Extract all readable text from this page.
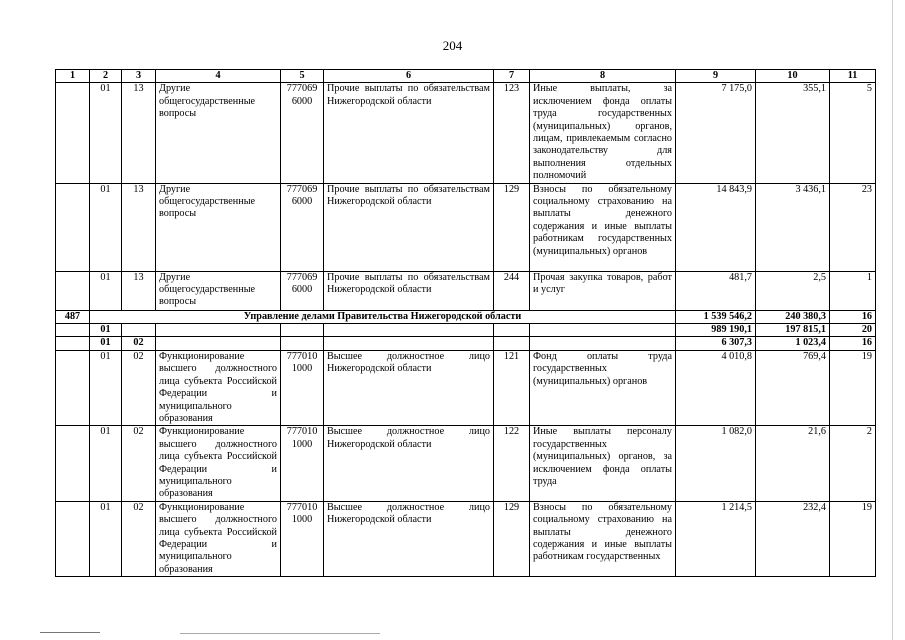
204
1	2	3	4	5	6	7	8	9	10	11
	01	13	Другие общегосударственные вопросы	777069 6000	Прочие выплаты по обязательствам Нижегородской области	123	Иные выплаты, за исключением фонда оплаты труда государственных (муниципальных) органов, лицам, привлекаемым согласно законодательству для выполнения отдельных полномочий	7 175,0	355,1	5
	01	13	Другие общегосударственные вопросы	777069 6000	Прочие выплаты по обязательствам Нижегородской области	129	Взносы по обязательному социальному страхованию на выплаты денежного содержания и иные выплаты работникам государственных (муниципальных) органов	14 843,9	3 436,1	23
	01	13	Другие общегосударственные вопросы	777069 6000	Прочие выплаты по обязательствам Нижегородской области	244	Прочая закупка товаров, работ и услуг	481,7	2,5	1
487	Управление делами Правительства Нижегородской области							1 539 546,2	240 380,3	16
	01							989 190,1	197 815,1	20
	01	02						6 307,3	1 023,4	16
	01	02	Функционирование высшего должностного лица субъекта Российской Федерации и муниципального образования	777010 1000	Высшее должностное лицо Нижегородской области	121	Фонд оплаты труда государственных (муниципальных) органов	4 010,8	769,4	19
	01	02	Функционирование высшего должностного лица субъекта Российской Федерации и муниципального образования	777010 1000	Высшее должностное лицо Нижегородской области	122	Иные выплаты персоналу государственных (муниципальных) органов, за исключением фонда оплаты труда	1 082,0	21,6	2
	01	02	Функционирование высшего должностного лица субъекта Российской Федерации и муниципального образования	777010 1000	Высшее должностное лицо Нижегородской области	129	Взносы по обязательному социальному страхованию на выплаты денежного содержания и иные выплаты работникам государственных	1 214,5	232,4	19
